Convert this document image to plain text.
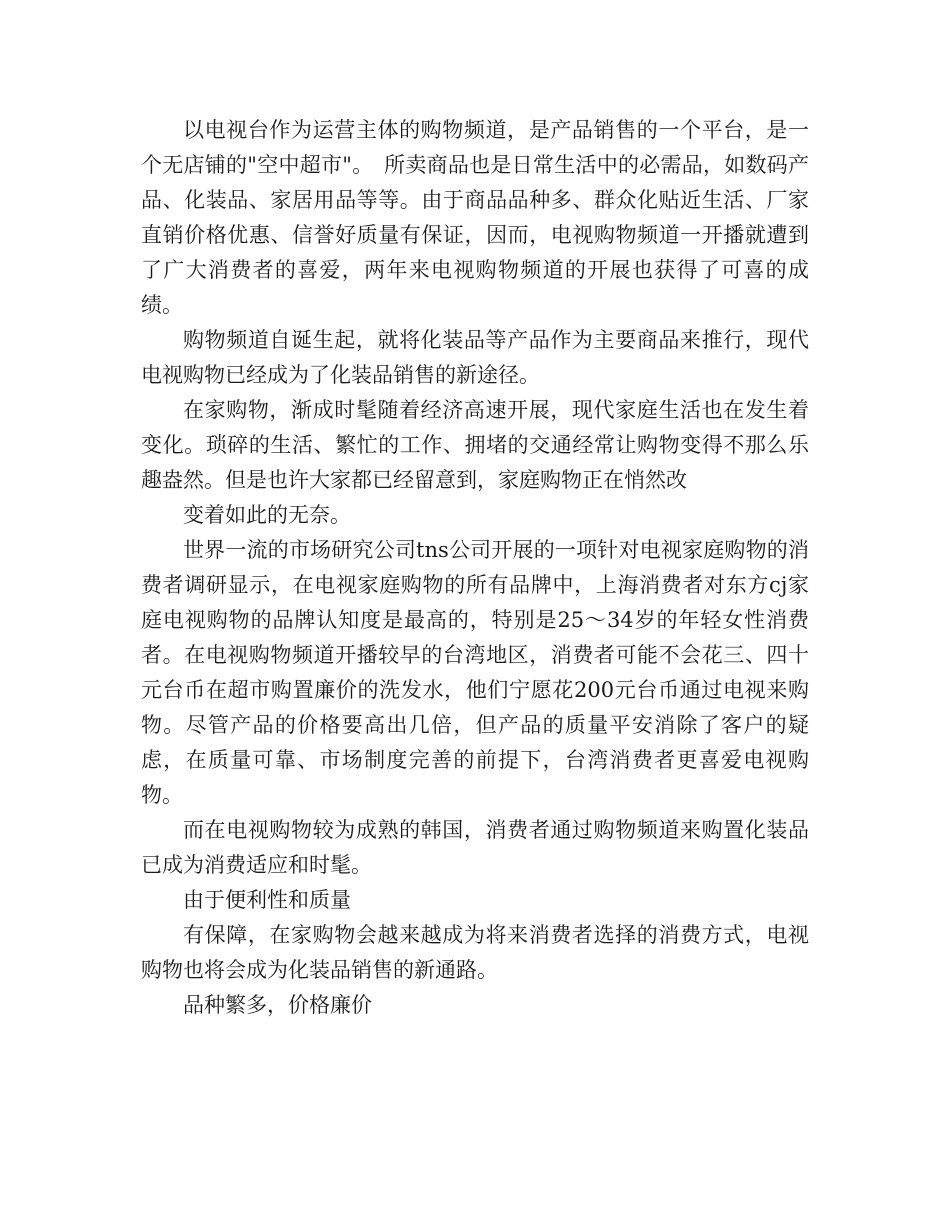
以电视台作为运营主体的购物频道，是产品销售的一个平台，是一个无店铺的"空中超市"。　所卖商品也是日常生活中的必需品，如数码产品、化装品、家居用品等等。由于商品品种多、群众化贴近生活、厂家直销价格优惠、信誉好质量有保证，因而，电视购物频道一开播就遭到了广大消费者的喜爱，两年来电视购物频道的开展也获得了可喜的成绩。

购物频道自诞生起，就将化装品等产品作为主要商品来推行，现代电视购物已经成为了化装品销售的新途径。

在家购物，渐成时髦随着经济高速开展，现代家庭生活也在发生着变化。琐碎的生活、繁忙的工作、拥堵的交通经常让购物变得不那么乐趣盎然。但是也许大家都已经留意到，家庭购物正在悄然改

变着如此的无奈。

世界一流的市场研究公司tns公司开展的一项针对电视家庭购物的消费者调研显示，在电视家庭购物的所有品牌中，上海消费者对东方cj家庭电视购物的品牌认知度是最高的，特别是25～34岁的年轻女性消费者。在电视购物频道开播较早的台湾地区，消费者可能不会花三、四十元台币在超市购置廉价的洗发水，他们宁愿花200元台币通过电视来购物。尽管产品的价格要高出几倍，但产品的质量平安消除了客户的疑虑，在质量可靠、市场制度完善的前提下，台湾消费者更喜爱电视购物。

而在电视购物较为成熟的韩国，消费者通过购物频道来购置化装品已成为消费适应和时髦。

由于便利性和质量

有保障，在家购物会越来越成为将来消费者选择的消费方式，电视购物也将会成为化装品销售的新通路。

品种繁多，价格廉价
